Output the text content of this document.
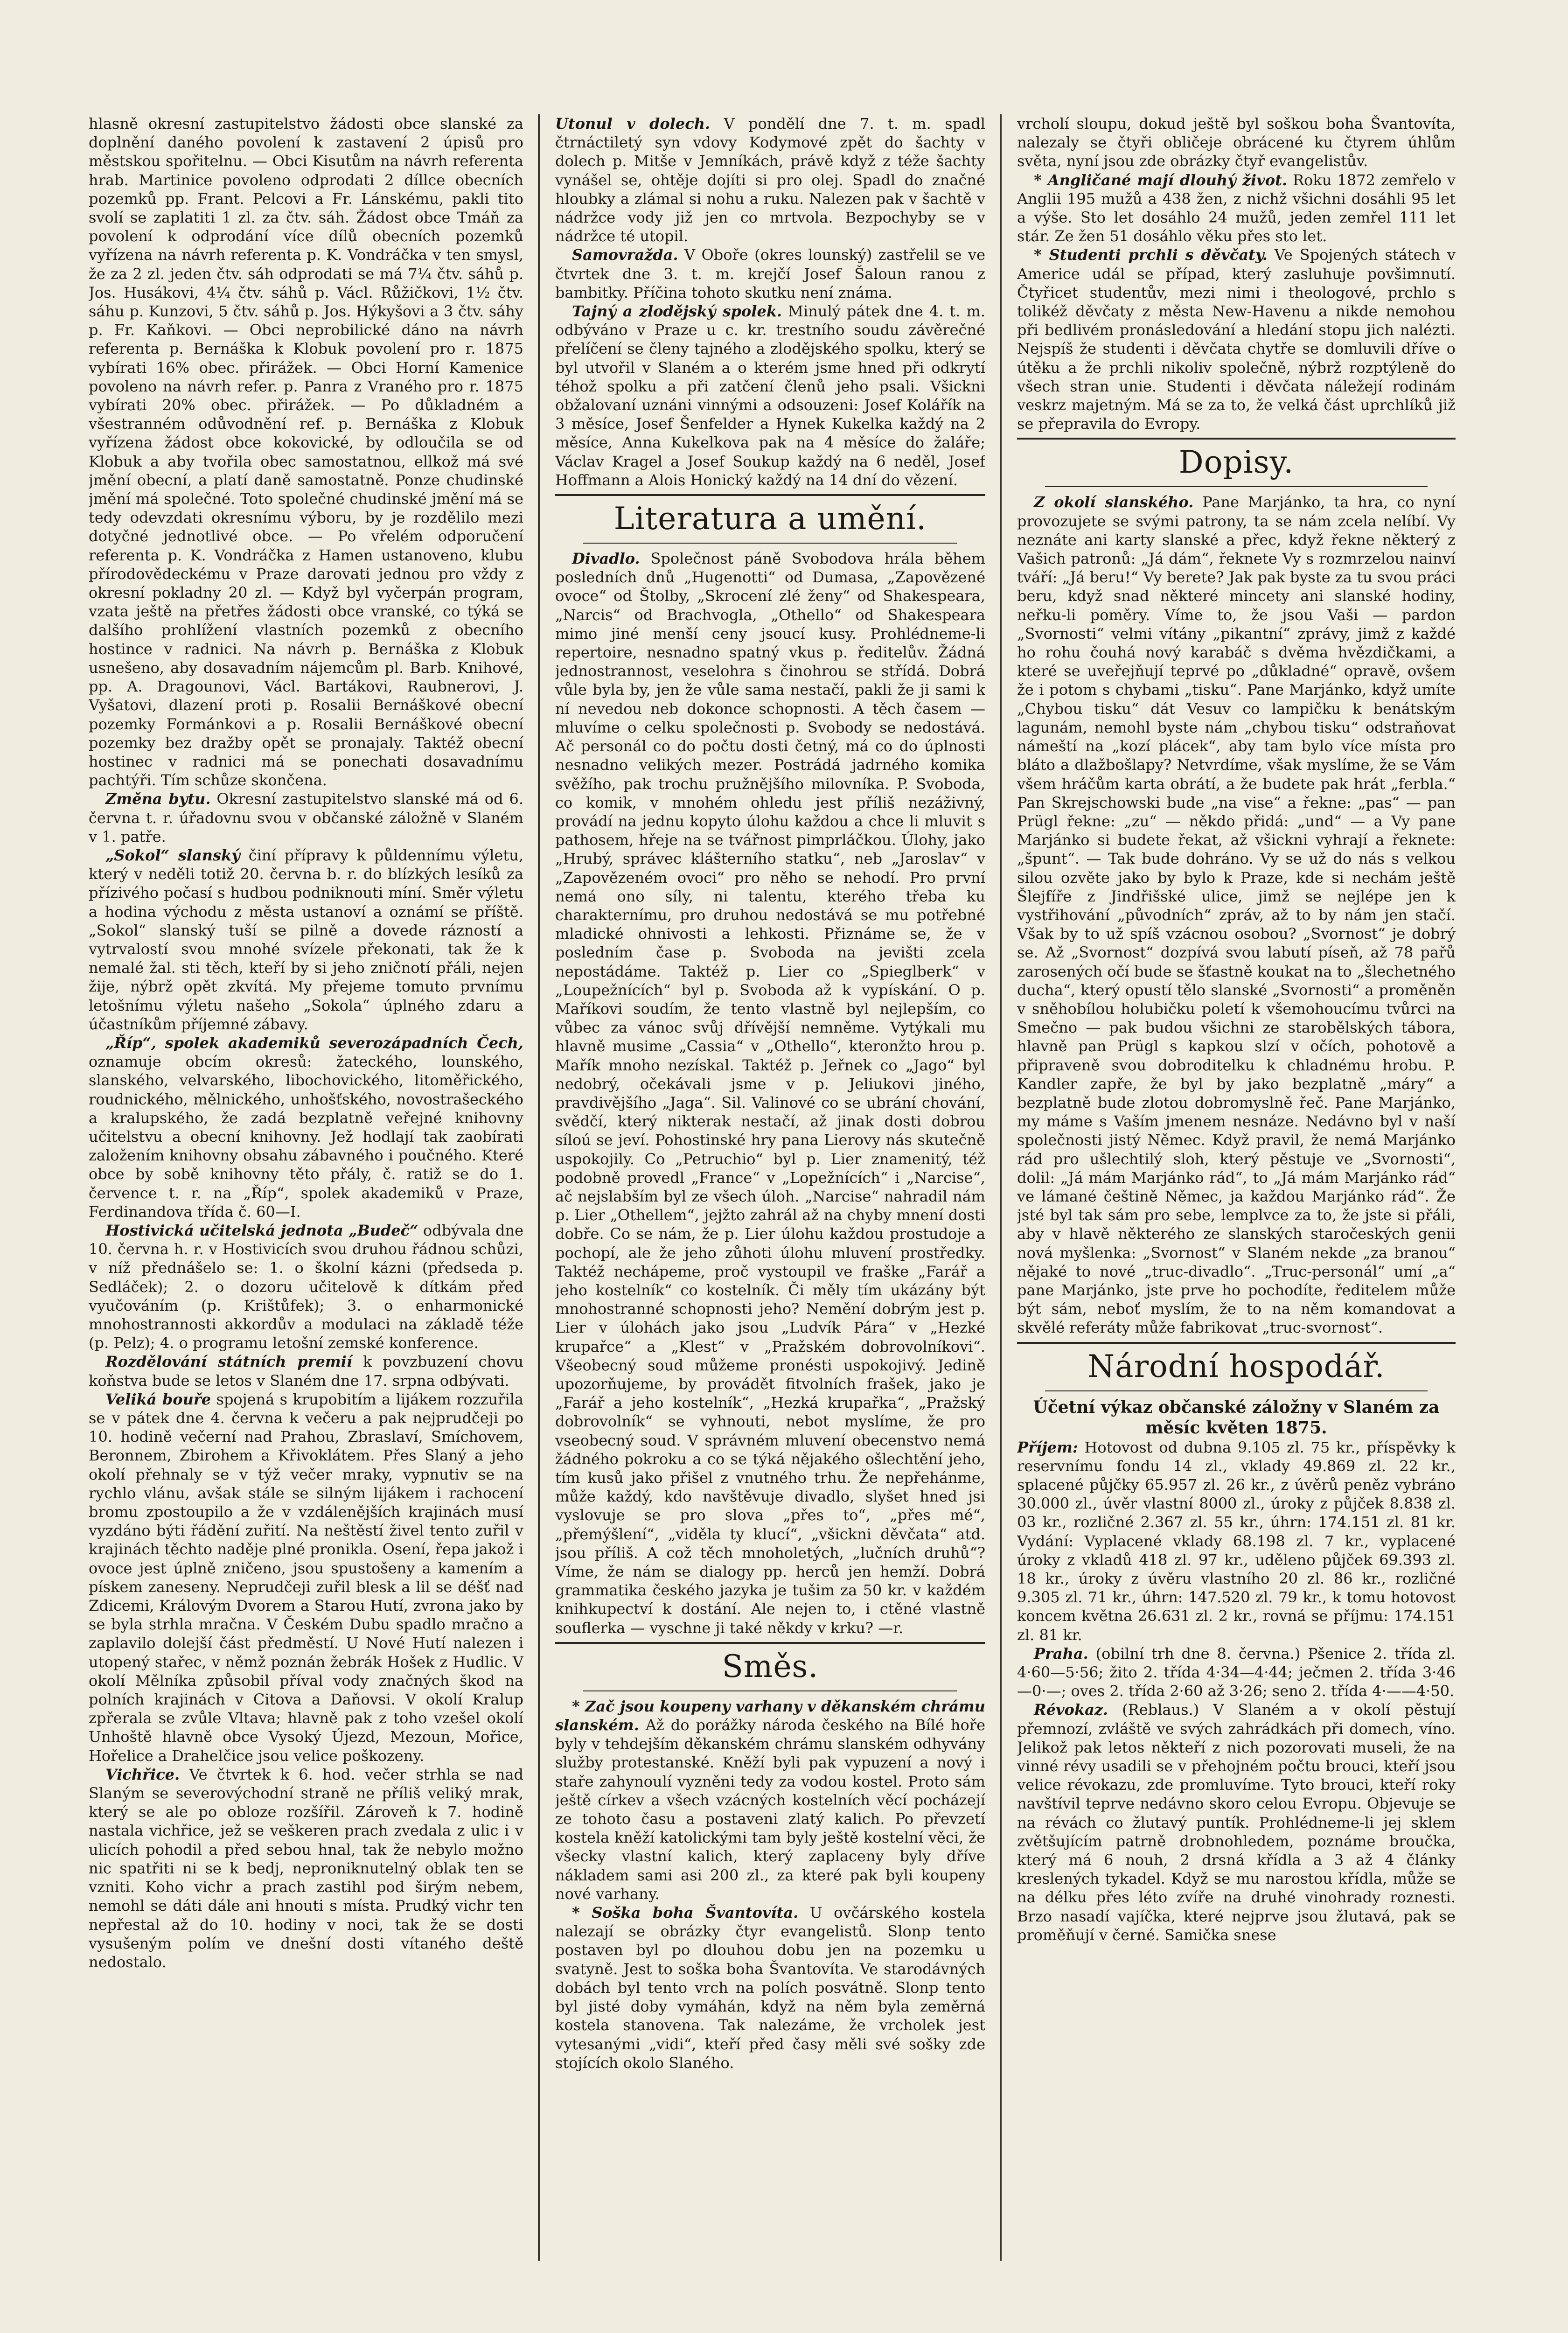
hlasně okresní zastupitelstvo žádosti obce slanské za doplnění daného povolení k zastavení 2 úpisů pro městskou spořitelnu. — Obci Kisutům na návrh referenta hrab. Martinice povoleno odprodati 2 díllce obecních pozemků pp. Frant. Pelcovi a Fr. Lánskému, pakli tito svolí se zaplatiti 1 zl. za čtv. sáh. Žádost obce Tmáň za povolení k odprodání více dílů obecních pozemků vyřízena na návrh referenta p. K. Vondráčka v ten smysl, že za 2 zl. jeden čtv. sáh odprodati se má 7¼ čtv. sáhů p. Jos. Husákovi, 4¼ čtv. sáhů p. Václ. Růžičkovi, 1½ čtv. sáhu p. Kunzovi, 5 čtv. sáhů p. Jos. Hýkyšovi a 3 čtv. sáhy p. Fr. Kaňkovi. — Obci neprobilické dáno na návrh referenta p. Bernáška k Klobuk povolení pro r. 1875 vybírati 16% obec. přirážek. — Obci Horní Kamenice povoleno na návrh refer. p. Panra z Vraného pro r. 1875 vybírati 20% obec. přirážek. — Po důkladném a všestranném odůvodnění ref. p. Bernáška z Klobuk vyřízena žádost obce kokovické, by odloučila se od Klobuk a aby tvořila obec samostatnou, ellkož má své jmění obecní, a platí daně samostatně. Ponze chudinské jmění má společné. Toto společné chudinské jmění má se tedy odevzdati okresnímu výboru, by je rozdělilo mezi dotyčné jednotlivé obce. — Po vřelém odporučení referenta p. K. Vondráčka z Hamen ustanoveno, klubu přírodovědeckému v Praze darovati jednou pro vždy z okresní pokladny 20 zl. — Když byl vyčerpán program, vzata ještě na přetřes žádosti obce vranské, co týká se dalšího prohlížení vlastních pozemků z obecního hostince v radnici. Na návrh p. Bernáška z Klobuk usnešeno, aby dosavadním nájemcům pl. Barb. Knihové, pp. A. Dragounovi, Václ. Bartákovi, Raubnerovi, J. Vyšatovi, dlazení proti p. Rosalii Bernáškové obecní pozemky Formánkovi a p. Rosalii Bernáškové obecní pozemky bez dražby opět se pronajaly. Taktéž obecní hostinec v radnici má se ponechati dosavadnímu pachtýři. Tím schůze skončena.

Změna bytu. Okresní zastupitelstvo slanské má od 6. června t. r. úřadovnu svou v občanské záložně v Slaném v 1. patře.

„Sokol“ slanský činí přípravy k půldennímu výletu, který v neděli totiž 20. června b. r. do blízkých lesíků za přízivého počasí s hudbou podniknouti míní. Směr výletu a hodina východu z města ustanoví a oznámí se příště. „Sokol“ slanský tuší se pilně a dovede rázností a vytrvalostí svou mnohé svízele překonati, tak že k nemalé žal. sti těch, kteří by si jeho zničnotí přáli, nejen žije, nýbrž opět zkvítá. My přejeme tomuto prvnímu letošnímu výletu našeho „Sokola“ úplného zdaru a účastníkům příjemné zábavy.

„Říp“, spolek akademiků severozápadních Čech, oznamuje obcím okresů: žateckého, lounského, slanského, velvarského, libochovického, litoměřického, roudnického, mělnického, unhošťského, novostrašeckého a kralupského, že zadá bezplatně veřejné knihovny učitelstvu a obecní knihovny. Jež hodlají tak zaobírati založením knihovny obsahu zábavného i poučného. Které obce by sobě knihovny těto přály, č. ratiž se do 1. července t. r. na „Říp“, spolek akademiků v Praze, Ferdinandova třída č. 60—I.

Hostivická učitelská jednota „Budeč“ odbývala dne 10. června h. r. v Hostivicích svou druhou řádnou schůzi, v níž přednášelo se: 1. o školní kázni (předseda p. Sedláček); 2. o dozoru učitelově k dítkám před vyučováním (p. Krištůfek); 3. o enharmonické mnohostrannosti akkordův a modulaci na základě téže (p. Pelz); 4. o programu letošní zemské konference.

Rozdělování státních premií k povzbuzení chovu koňstva bude se letos v Slaném dne 17. srpna odbývati.

Veliká bouře spojená s krupobitím a lijákem rozzuřila se v pátek dne 4. června k večeru a pak nejprudčeji po 10. hodině večerní nad Prahou, Zbraslaví, Smíchovem, Beronnem, Zbirohem a Křivoklátem. Přes Slaný a jeho okolí přehnaly se v týž večer mraky, vypnutiv se na rychlo vlánu, avšak stále se silným lijákem i rachocení bromu zpostoupilo a že v vzdálenějších krajinách musí vyzdáno býti řádění zuřití. Na neštěstí živel tento zuřil v krajinách těchto naděje plné pronikla. Osení, řepa jakož i ovoce jest úplně zničeno, jsou spustošeny a kamením a pískem zaneseny. Neprudčeji zuřil blesk a lil se déšť nad Zdicemi, Královým Dvorem a Starou Hutí, zvrona jako by se byla strhla mračna. V Českém Dubu spadlo mračno a zaplavilo dolejší část předměstí. U Nové Hutí nalezen i utopený stařec, v němž poznán žebrák Hošek z Hudlic. V okolí Mělníka způsobil příval vody značných škod na polních krajinách v Citova a Daňovsi. V okolí Kralup zpřerala se zvůle Vltava; hlavně pak z toho vzešel okolí Unhoště hlavně obce Vysoký Újezd, Mezoun, Mořice, Hořelice a Drahelčice jsou velice poškozeny.

Vichřice. Ve čtvrtek k 6. hod. večer strhla se nad Slaným se severovýchodní straně ne příliš veliký mrak, který se ale po obloze rozšířil. Zároveň k 7. hodině nastala vichřice, jež se veškeren prach zvedala z ulic i v ulicích pohodil a před sebou hnal, tak že nebylo možno nic spatřiti ni se k bedj, neproniknutelný oblak ten se vzniti. Koho vichr a prach zastihl pod širým nebem, nemohl se dáti dále ani hnouti s místa. Prudký vichr ten nepřestal až do 10. hodiny v noci, tak že se dosti vysušeným polím ve dnešní dosti vítaného deště nedostalo.

Utonul v dolech. V pondělí dne 7. t. m. spadl čtrnáctiletý syn vdovy Kodymové zpět do šachty v dolech p. Mitše v Jemníkách, právě když z téže šachty vynášel se, ohtěje dojíti si pro olej. Spadl do značné hloubky a zlámal si nohu a ruku. Nalezen pak v šachtě v nádržce vody již jen co mrtvola. Bezpochyby se v nádržce té utopil.

Samovražda. V Oboře (okres lounský) zastřelil se ve čtvrtek dne 3. t. m. krejčí Josef Šaloun ranou z bambitky. Příčina tohoto skutku není známa.

Tajný a zlodějský spolek. Minulý pátek dne 4. t. m. odbýváno v Praze u c. kr. trestního soudu závěrečné přelíčení se členy tajného a zlodějského spolku, který se byl utvořil v Slaném a o kterém jsme hned při odkrytí téhož spolku a při zatčení členů jeho psali. Všickni obžalovaní uznáni vinnými a odsouzeni: Josef Kolářík na 3 měsíce, Josef Šenfelder a Hynek Kukelka každý na 2 měsíce, Anna Kukelkova pak na 4 měsíce do žaláře; Václav Kragel a Josef Soukup každý na 6 neděl, Josef Hoffmann a Alois Honický každý na 14 dní do vězení.

Literatura a umění.

Divadlo. Společnost páně Svobodova hrála během posledních dnů „Hugenotti“ od Dumasa, „Zapovězené ovoce“ od Štolby, „Skrocení zlé ženy“ od Shakespeara, „Narcis“ od Brachvogla, „Othello“ od Shakespeara mimo jiné menší ceny jsoucí kusy. Prohlédneme-li repertoire, nesnadno spatný vkus p. ředitelův. Žádná jednostrannost, veselohra s činohrou se střídá. Dobrá vůle byla by, jen že vůle sama nestačí, pakli že ji sami k ní nevedou neb dokonce schopnosti. A těch časem — mluvíme o celku společnosti p. Svobody se nedostává. Ač personál co do počtu dosti četný, má co do úplnosti nesnadno velikých mezer. Postrádá jadrného komika svěžího, pak trochu pružnějšího milovníka. P. Svoboda, co komik, v mnohém ohledu jest příliš nezáživný, provádí na jednu kopyto úlohu každou a chce li mluvit s pathosem, hřeje na se tvářnost pimprláčkou. Úlohy, jako „Hrubý, správec klášterního statku“, neb „Jaroslav“ v „Zapovězeném ovoci“ pro něho se nehodí. Pro první nemá ono síly, ni talentu, kterého třeba ku charakternímu, pro druhou nedostává se mu potřebné mladické ohnivosti a lehkosti. Přiznáme se, že v posledním čase p. Svoboda na jevišti zcela nepostádáme. Taktéž p. Lier co „Spieglberk“ v „Loupežnících“ byl p. Svoboda až k vypískání. O p. Maříkovi soudím, že tento vlastně byl nejlepším, co vůbec za vánoc svůj dřívější nemněme. Vytýkali mu hlavně musime „Cassia“ v „Othello“, kteronžto hrou p. Mařík mnoho nezískal. Taktéž p. Jeřnek co „Jago“ byl nedobrý, očekávali jsme v p. Jeliukovi jiného, pravdivějšího „Jaga“. Sil. Valinové co se ubrání chování, svědčí, který nikterak nestačí, až jinak dosti dobrou síloú se jeví. Pohostinské hry pana Lierovy nás skutečně uspokojily. Co „Petruchio“ byl p. Lier znamenitý, též podobně provedl „France“ v „Lopežnících“ i „Narcise“, ač nejslabším byl ze všech úloh. „Narcise“ nahradil nám p. Lier „Othellem“, jejžto zahrál až na chyby mnení dosti dobře. Co se nám, že p. Lier úlohu každou prostudoje a pochopí, ale že jeho zůhoti úlohu mluvení prostředky. Taktéž nechápeme, proč vystoupil ve fraške „Farář a jeho kostelník“ co kostelník. Či měly tím ukázány být mnohostranné schopnosti jeho? Nemění dobrým jest p. Lier v úlohách jako jsou „Ludvík Pára“ v „Hezké krupařce“ a „Klest“ v „Pražském dobrovolníkovi“. Všeobecný soud můžeme pronésti uspokojivý. Jedině upozorňujeme, by provádět fitvolních frašek, jako je „Farář a jeho kostelník“, „Hezká krupařka“, „Pražský dobrovolník“ se vyhnouti, nebot myslíme, že pro vseobecný soud. V správném mluvení obecenstvo nemá žádného pokroku a co se týká nějakého ošlechtění jeho, tím kusů jako přišel z vnutného trhu. Že nepřehánme, může každý, kdo navštěvuje divadlo, slyšet hned jsi vyslovuje se pro slova „přes to“, „přes mé“, „přemýšlení“, „viděla ty klucí“, „všickni děvčata“ atd. jsou příliš. A což těch mnoholetých, „lučních druhů“? Víme, že nám se dialogy pp. herců jen hemží. Dobrá grammatika českého jazyka je tušim za 50 kr. v každém knihkupectví k dostání. Ale nejen to, i ctěné vlastně souflerka — vyschne ji také někdy v krku? —r.

Směs.

* Zač jsou koupeny varhany v děkanském chrámu slanském. Až do porážky národa českého na Bílé hoře byly v tehdejším děkanském chrámu slanském odhyvány služby protestanské. Kněží byli pak vypuzení a nový i staře zahynoulí vyzněni tedy za vodou kostel. Proto sám ještě církev a všech vzácných kostelních věcí pocházejí ze tohoto času a postaveni zlatý kalich. Po převzetí kostela kněží katolickými tam byly ještě kostelní věci, že všecky vlastní kalich, který zaplaceny byly dříve nákladem sami asi 200 zl., za které pak byli koupeny nové varhany.

* Soška boha Švantovíta. U ovčárského kostela nalezají se obrázky čtyr evangelistů. Slonp tento postaven byl po dlouhou dobu jen na pozemku u svatyně. Jest to soška boha Švantovíta. Ve starodávných dobách byl tento vrch na polích posvátně. Slonp tento byl jisté doby vymáhán, když na něm byla zeměrná kostela stanovena. Tak nalezáme, že vrcholek jest vytesanými „vidi“, kteří před časy měli své sošky zde stojících okolo Slaného.

vrcholí sloupu, dokud ještě byl soškou boha Švantovíta, nalezaly se čtyři obličeje obrácené ku čtyrem úhlům světa, nyní jsou zde obrázky čtyř evangelistův.

* Angličané mají dlouhý život. Roku 1872 zemřelo v Anglii 195 mužů a 438 žen, z nichž všichni dosáhli 95 let a výše. Sto let dosáhlo 24 mužů, jeden zemřel 111 let stár. Ze žen 51 dosáhlo věku přes sto let.

* Studenti prchli s děvčaty. Ve Spojených státech v Americe udál se případ, který zasluhuje povšimnutí. Čtyřicet studentův, mezi nimi i theologové, prchlo s tolikéž děvčaty z města New-Havenu a nikde nemohou při bedlivém pronásledování a hledání stopu jich nalézti. Nejspíš že studenti i děvčata chytře se domluvili dříve o útěku a že prchli nikoliv společně, nýbrž rozptýleně do všech stran unie. Studenti i děvčata náležejí rodinám veskrz majetným. Má se za to, že velká část uprchlíků již se přepravila do Evropy.

Dopisy.

Z okolí slanského. Pane Marjánko, ta hra, co nyní provozujete se svými patrony, ta se nám zcela nelíbí. Vy neznáte ani karty slanské a přec, když řekne některý z Vašich patronů: „Já dám“, řeknete Vy s rozmrzelou nainví tváří: „Já beru!“ Vy berete? Jak pak byste za tu svou práci beru, když snad některé mincety ani slanské hodiny, neřku-li poměry. Víme to, že jsou Vaši — pardon „Svornosti“ velmi vítány „pikantní“ zprávy, jimž z každé ho rohu čouhá nový karabáč s dvěma hvězdičkami, a které se uveřejňují teprvé po „důkladné“ opravě, ovšem že i potom s chybami „tisku“. Pane Marjánko, když umíte „Chybou tisku“ dát Vesuv co lampičku k benátským lagunám, nemohl byste nám „chybou tisku“ odstraňovat námeští na „kozí plácek“, aby tam bylo více místa pro bláto a dlažbošlapy? Netvrdíme, však myslíme, že se Vám všem hráčům karta obrátí, a že budete pak hrát „ferbla.“ Pan Skrejschowski bude „na vise“ a řekne: „pas“ — pan Prügl řekne: „zu“ — někdo přidá: „und“ — a Vy pane Marjánko si budete řekat, až všickni vyhrají a řeknete: „špunt“. — Tak bude dohráno. Vy se už do nás s velkou silou ozvěte jako by bylo k Praze, kde si nechám ještě Šlejfíře z Jindřišské ulice, jimž se nejlépe jen k vystřihování „původních“ zpráv, až to by nám jen stačí. Však by to už spíš vzácnou osobou? „Svornost“ je dobrý se. Až „Svornost“ dozpívá svou labutí píseň, až 78 pařů zarosených očí bude se šťastně koukat na to „šlechetného ducha“, který opustí tělo slanské „Svornosti“ a proměněn v sněhobílou holubičku poletí k všemohoucímu tvůrci na Smečno — pak budou všichni ze starobělských tábora, hlavně pan Prügl s kapkou slzí v očích, pohotově a připraveně svou dobroditelku k chladnému hrobu. P. Kandler zapře, že byl by jako bezplatně „máry“ a bezplatně bude zlotou dobromyslně řeč. Pane Marjánko, my máme s Vaším jmenem nesnáze. Nedávno byl v naší společnosti jistý Němec. Když pravil, že nemá Marjánko rád pro ušlechtilý sloh, který pěstuje ve „Svornosti“, dolil: „Já mám Marjánko rád“, to „Já mám Marjánko rád“ ve lámané češtině Němec, ja každou Marjánko rád“. Že jsté byl tak sám pro sebe, lemplvce za to, že jste si přáli, aby v hlavě některého ze slanských staročeských genii nová myšlenka: „Svornost“ v Slaném nekde „za branou“ nějaké to nové „truc-divadlo“. „Truc-personál“ umí „a“ pane Marjánko, jste prve ho pochodíte, ředitelem může být sám, neboť myslím, že to na něm komandovat a skvělé referáty může fabrikovat „truc-svornost“.

Národní hospodář.
Účetní výkaz občanské záložny v Slaném za měsíc květen 1875.

Příjem: Hotovost od dubna 9.105 zl. 75 kr., příspěvky k reservnímu fondu 14 zl., vklady 49.869 zl. 22 kr., splacené půjčky 65.957 zl. 26 kr., z úvěrů peněz vybráno 30.000 zl., úvěr vlastní 8000 zl., úroky z půjček 8.838 zl. 03 kr., rozličné 2.367 zl. 55 kr., úhrn: 174.151 zl. 81 kr. Vydání: Vyplacené vklady 68.198 zl. 7 kr., vyplacené úroky z vkladů 418 zl. 97 kr., uděleno půjček 69.393 zl. 18 kr., úroky z úvěru vlastního 20 zl. 86 kr., rozličné 9.305 zl. 71 kr., úhrn: 147.520 zl. 79 kr., k tomu hotovost koncem května 26.631 zl. 2 kr., rovná se příjmu: 174.151 zl. 81 kr.

Praha. (obilní trh dne 8. června.) Pšenice 2. třída zl. 4·60—5·56; žito 2. třída 4·34—4·44; ječmen 2. třída 3·46—0·—; oves 2. třída 2·60 až 3·26; seno 2. třída 4·——4·50.

Révokaz. (Reblaus.) V Slaném a v okolí pěstují přemnozí, zvláště ve svých zahrádkách při domech, víno. Jelikož pak letos někteří z nich pozorovati museli, že na vinné révy usadili se v přehojném počtu brouci, kteří jsou velice révokazu, zde promluvíme. Tyto brouci, kteří roky navštívil teprve nedávno skoro celou Evropu. Objevuje se na révách co žlutavý puntík. Prohlédneme-li jej sklem zvětšujícím patrně drobnohledem, poznáme broučka, který má 6 nouh, 2 drsná křídla a 3 až 4 články kreslených tykadel. Když se mu narostou křídla, může se na délku přes léto zvíře na druhé vinohrady roznesti. Brzo nasadí vajíčka, které nejprve jsou žlutavá, pak se proměňují v černé. Samička snese
